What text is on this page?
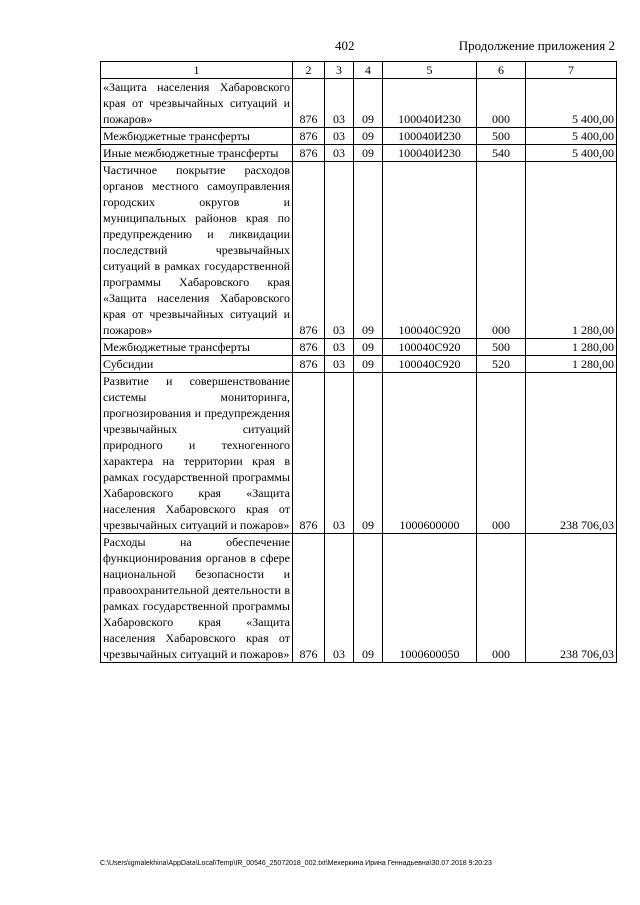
402	Продолжение приложения 2
1	2	3	4	5	6	7
«Защита населения Хабаровского края от чрезвычайных ситуаций и пожаров»	876	03	09	100040И230	000	5 400,00
Межбюджетные трансферты	876	03	09	100040И230	500	5 400,00
Иные межбюджетные трансферты	876	03	09	100040И230	540	5 400,00
Частичное покрытие расходов органов местного самоуправления городских округов и муниципальных районов края по предупреждению и ликвидации последствий чрезвычайных ситуаций в рамках государственной программы Хабаровского края «Защита населения Хабаровского края от чрезвычайных ситуаций и пожаров»	876	03	09	100040С920	000	1 280,00
Межбюджетные трансферты	876	03	09	100040С920	500	1 280,00
Субсидии	876	03	09	100040С920	520	1 280,00
Развитие и совершенствование системы мониторинга, прогнозирования и предупреждения чрезвычайных ситуаций природного и техногенного характера на территории края в рамках государственной программы Хабаровского края «Защита населения Хабаровского края от чрезвычайных ситуаций и пожаров»	876	03	09	1000600000	000	238 706,03
Расходы на обеспечение функционирования органов в сфере национальной безопасности и правоохранительной деятельности в рамках государственной программы Хабаровского края «Защита населения Хабаровского края от чрезвычайных ситуаций и пожаров»	876	03	09	1000600050	000	238 706,03
C:\Users\igmalekhina\AppData\Local\Temp\IR_00546_25072018_002.txt\Мехеркина Ирина Геннадьевна\30.07.2018 9:20:23
